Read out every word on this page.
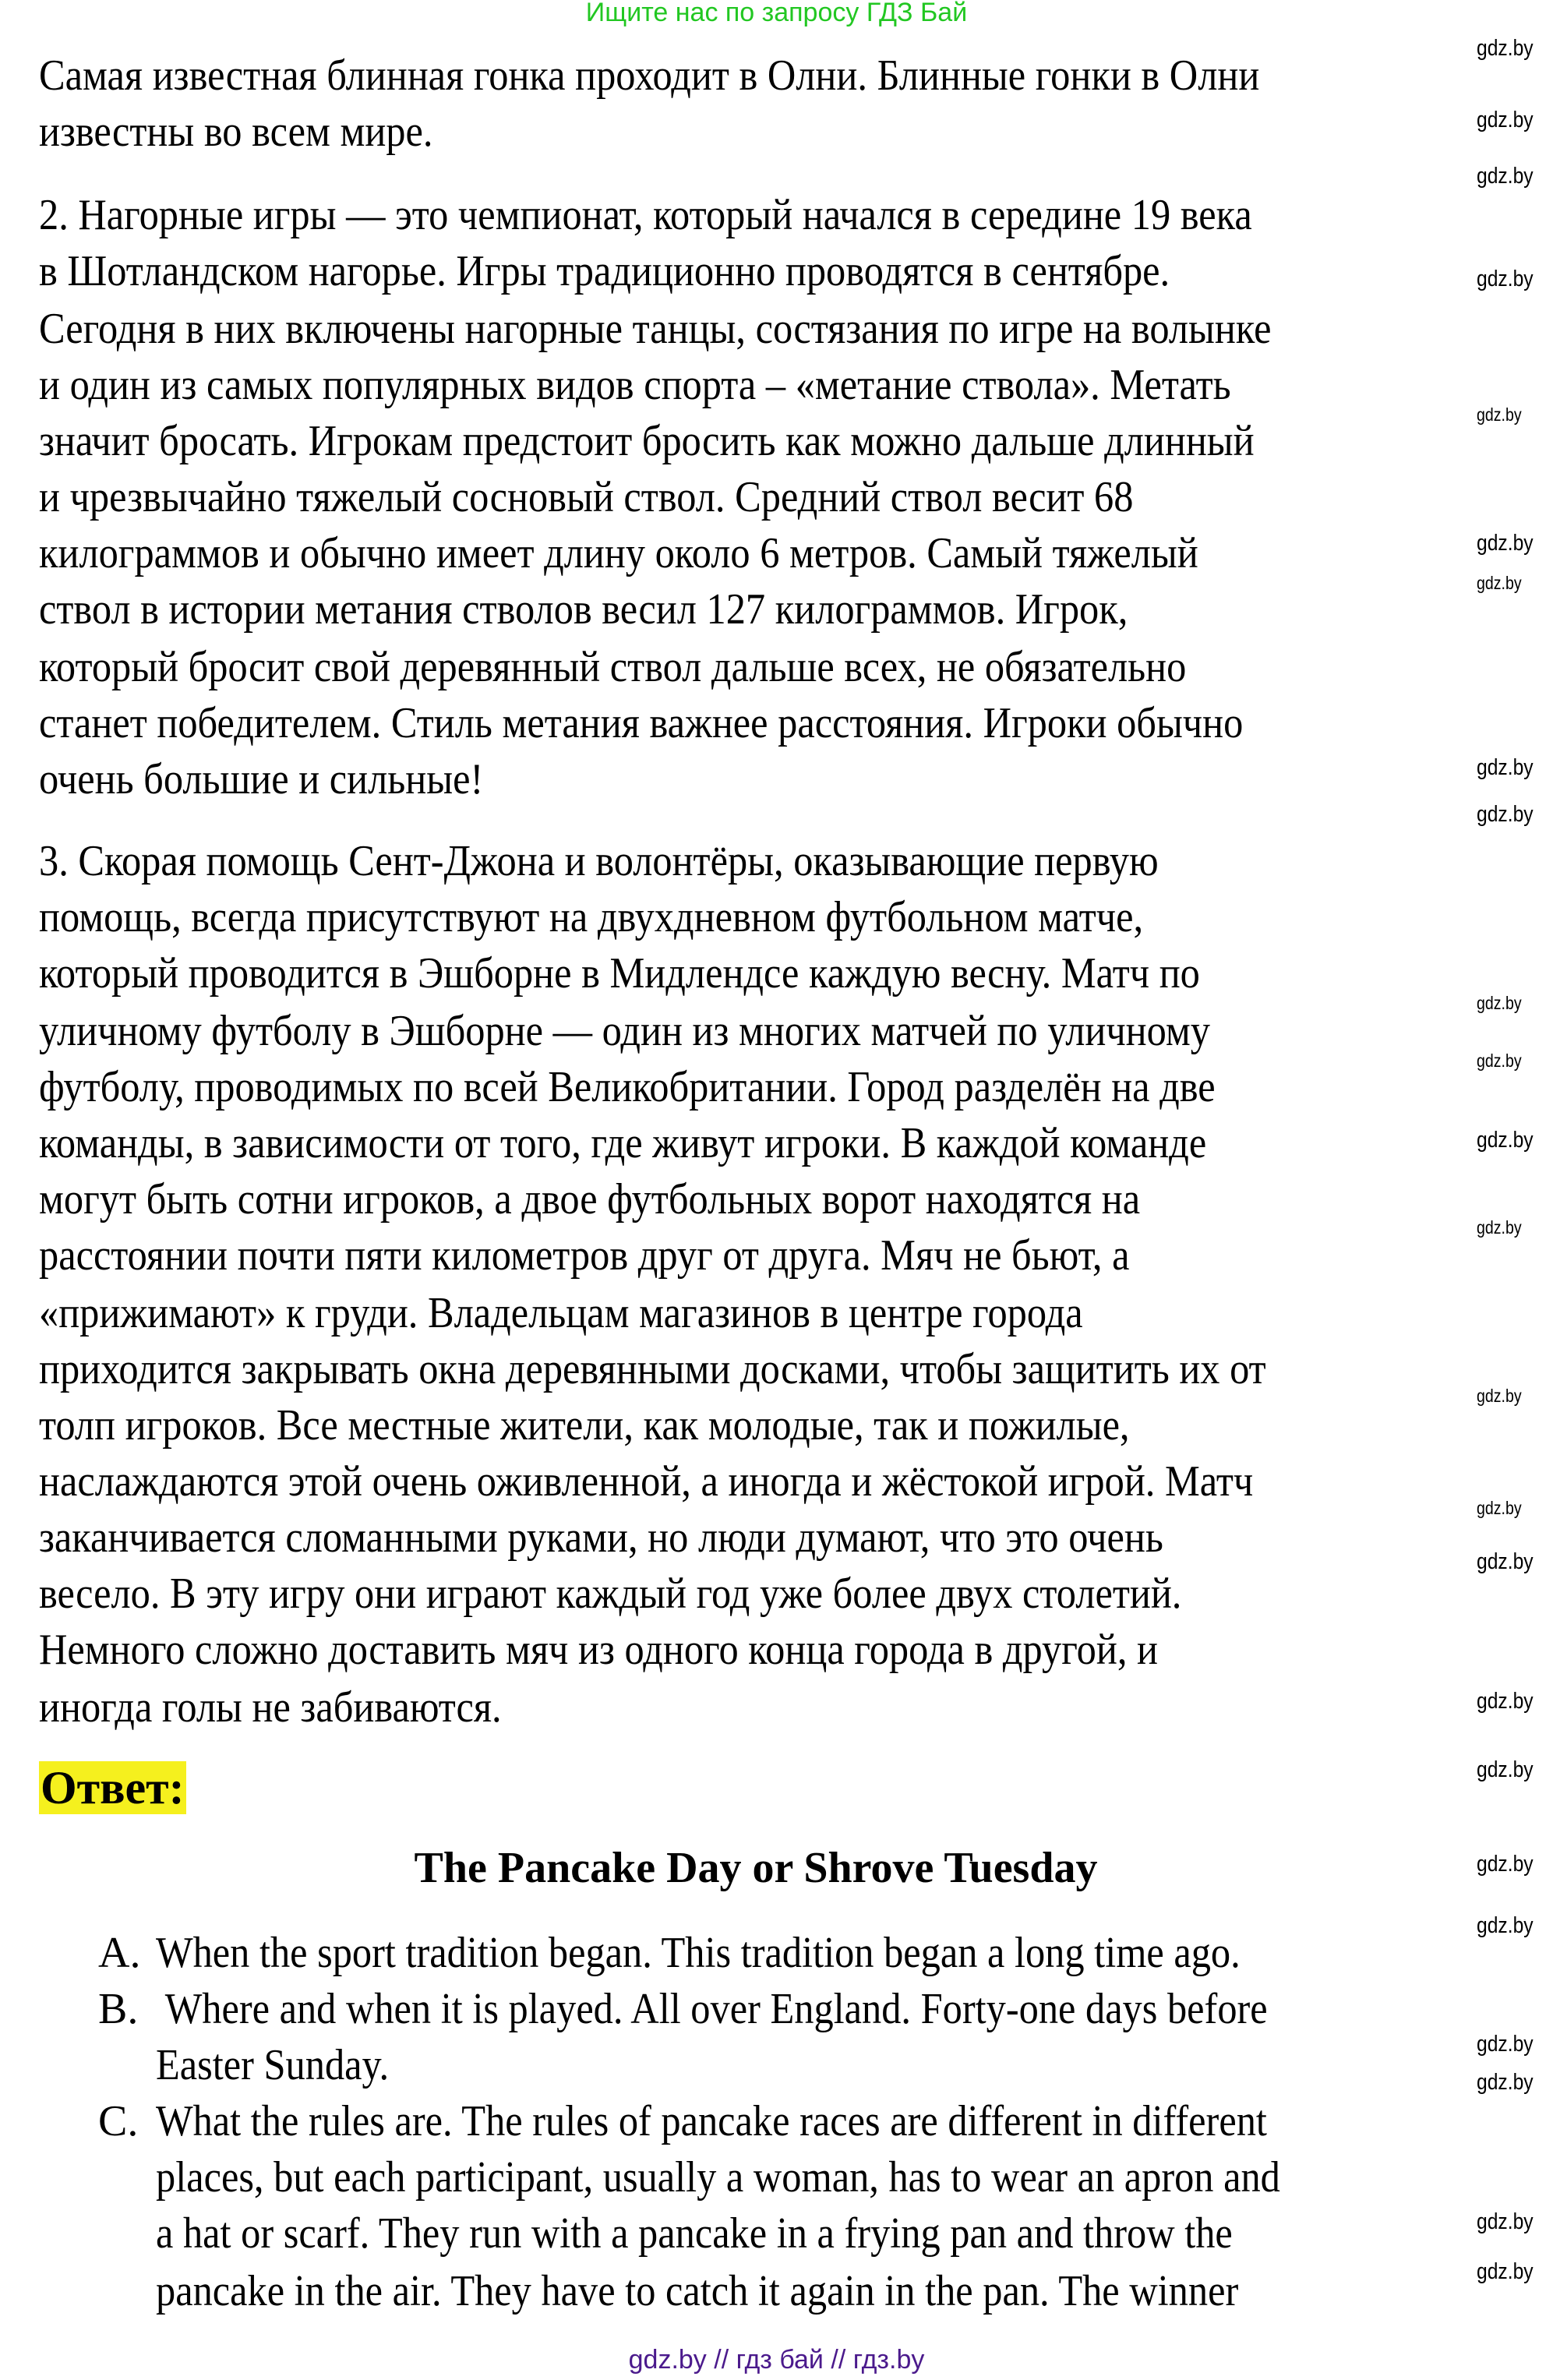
Ищите нас по запросу ГДЗ Бай
Самая известная блинная гонка проходит в Олни. Блинные гонки в Олни
известны во всем мире.
2. Нагорные игры — это чемпионат, который начался в середине 19 века
в Шотландском нагорье. Игры традиционно проводятся в сентябре.
Сегодня в них включены нагорные танцы, состязания по игре на волынке
и один из самых популярных видов спорта – «метание ствола». Метать
значит бросать. Игрокам предстоит бросить как можно дальше длинный
и чрезвычайно тяжелый сосновый ствол. Средний ствол весит 68
килограммов и обычно имеет длину около 6 метров. Самый тяжелый
ствол в истории метания стволов весил 127 килограммов. Игрок,
который бросит свой деревянный ствол дальше всех, не обязательно
станет победителем. Стиль метания важнее расстояния. Игроки обычно
очень большие и сильные!
3. Скорая помощь Сент-Джона и волонтёры, оказывающие первую
помощь, всегда присутствуют на двухдневном футбольном матче,
который проводится в Эшборне в Мидлендсе каждую весну. Матч по
уличному футболу в Эшборне — один из многих матчей по уличному
футболу, проводимых по всей Великобритании. Город разделён на две
команды, в зависимости от того, где живут игроки. В каждой команде
могут быть сотни игроков, а двое футбольных ворот находятся на
расстоянии почти пяти километров друг от друга. Мяч не бьют, а
«прижимают» к груди. Владельцам магазинов в центре города
приходится закрывать окна деревянными досками, чтобы защитить их от
толп игроков. Все местные жители, как молодые, так и пожилые,
наслаждаются этой очень оживленной, а иногда и жёстокой игрой. Матч
заканчивается сломанными руками, но люди думают, что это очень
весело. В эту игру они играют каждый год уже более двух столетий.
Немного сложно доставить мяч из одного конца города в другой, и
иногда голы не забиваются.
Ответ:
The Pancake Day or Shrove Tuesday
A. When the sport tradition began. This tradition began a long time ago.
B. Where and when it is played. All over England. Forty-one days before
Easter Sunday.
C. What the rules are. The rules of pancake races are different in different
places, but each participant, usually a woman, has to wear an apron and
a hat or scarf. They run with a pancake in a frying pan and throw the
pancake in the air. They have to catch it again in the pan. The winner
gdz.by // гдз бай // гдз.by
gdz.by
gdz.by
gdz.by
gdz.by
gdz.by
gdz.by
gdz.by
gdz.by
gdz.by
gdz.by
gdz.by
gdz.by
gdz.by
gdz.by
gdz.by
gdz.by
gdz.by
gdz.by
gdz.by
gdz.by
gdz.by
gdz.by
gdz.by
gdz.by
